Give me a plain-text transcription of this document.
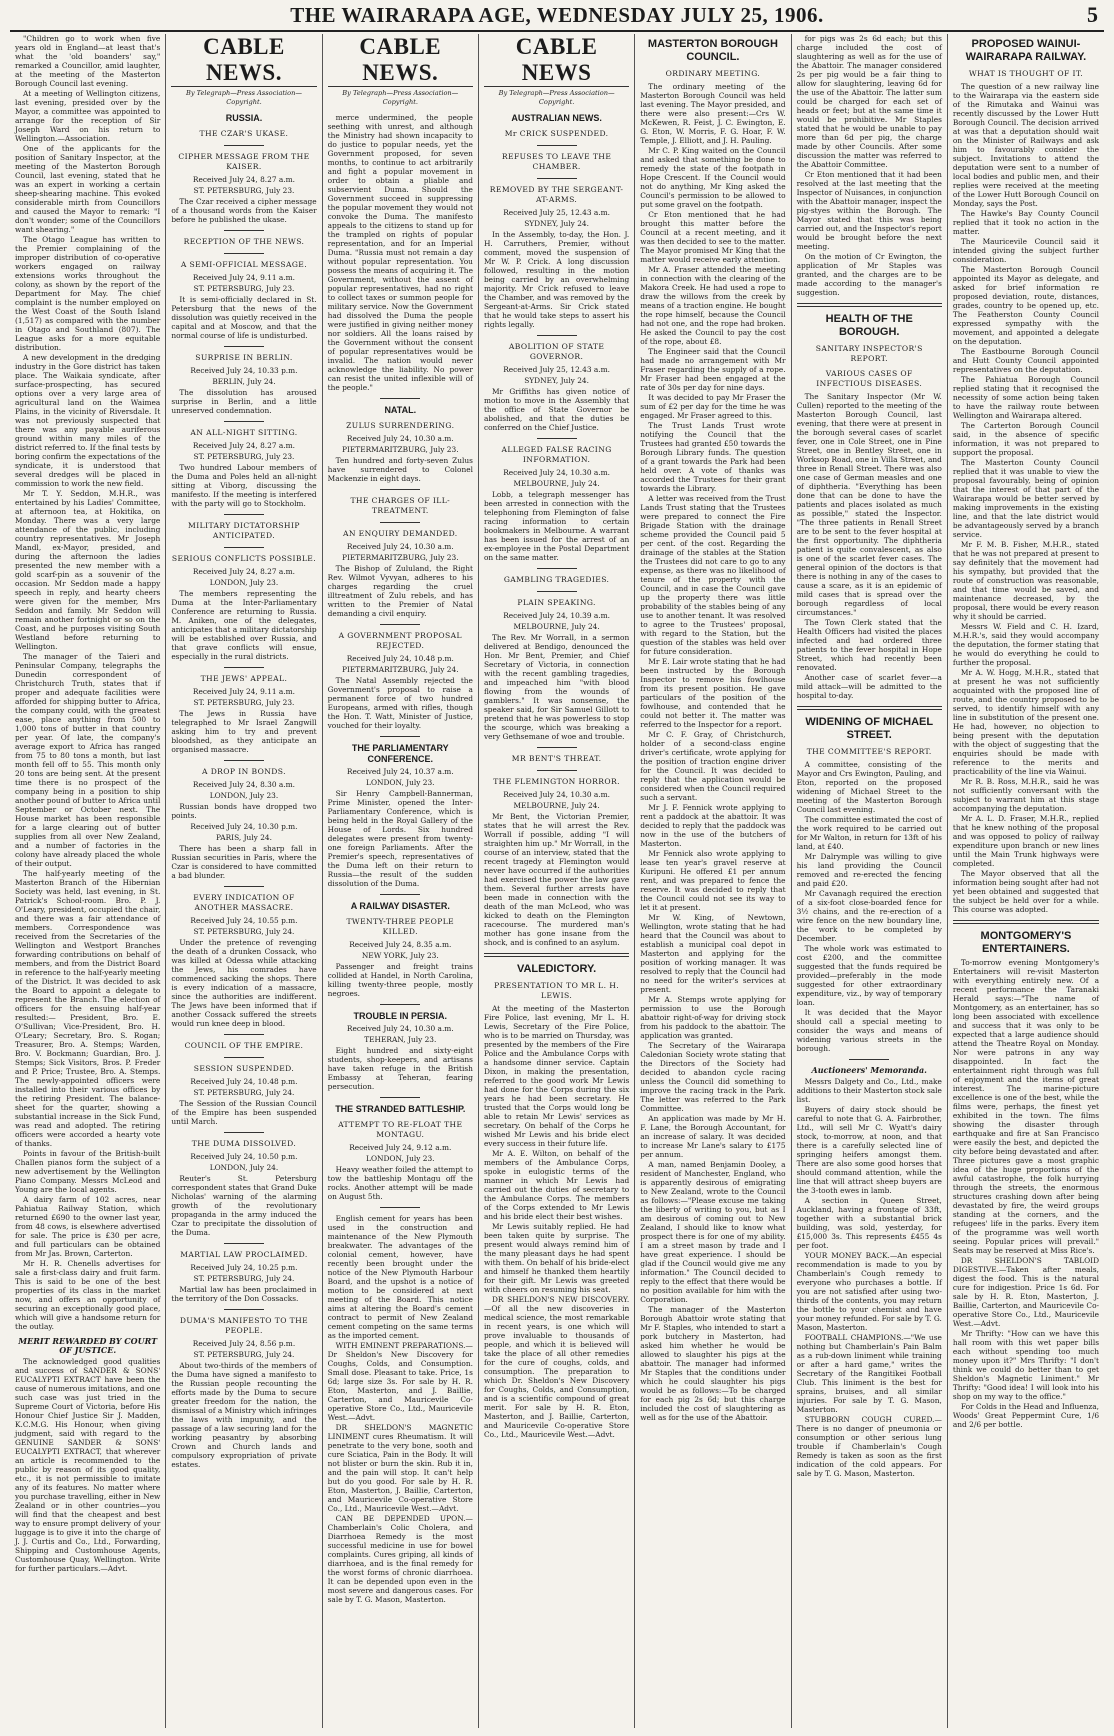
THE WAIRARAPA AGE, WEDNESDAY JULY 25, 1906.	5

"Children go to work when five years old in England—at least that's what the 'old boanders' say," remarked a Councillor, amid laughter, at the meeting of the Masterton Borough Council last evening.

At a meeting of Wellington citizens, last evening, presided over by the Mayor, a committee was appointed to arrange for the reception of Sir Joseph Ward on his return to Wellington.—Association.

One of the applicants for the position of Sanitary Inspector, at the meeting of the Masterton Borough Council, last evening, stated that he was an expert in working a certain sheep-shearing machine. This evoked considerable mirth from Councillors and caused the Mayor to remark: "I don't wonder; some of the Councillors want shearing."

The Otago League has written to the Premier complaining of the improper distribution of co-operative workers engaged on railway extensions works throughout the colony, as shown by the report of the Department for May. The chief complaint is the number employed on the West Coast of the South Island (1,517) as compared with the number in Otago and Southland (807). The League asks for a more equitable distribution.

A new development in the dredging industry in the Gore district has taken place. The Waikaia syndicate, after surface-prospecting, has secured options over a very large area of agricultural land on the Waimea Plains, in the vicinity of Riversdale. It was not previously suspected that there was any payable auriferous ground within many miles of the district referred to. If the final tests by boring confirm the expectations of the syndicate, it is understood that several dredges will be placed in commission to work the new field.

Mr T. Y. Seddon, M.H.R., was entertained by his Ladies' Committee, at afternoon tea, at Hokitika, on Monday. There was a very large attendance of the public, including country representatives. Mr Joseph Mandl, ex-Mayor, presided, and during the afternoon the ladies presented the new member with a gold scarf-pin as a souvenir of the occasion. Mr Seddon made a happy speech in reply, and hearty cheers were given for the member, Mrs Seddon and family. Mr Seddon will remain another fortnight or so on the Coast, and he purposes visiting South Westland before returning to Wellington.

The manager of the Taieri and Peninsular Company, telegraphs the Dunedin correspondent of Christchurch Truth, states that if proper and adequate facilities were afforded for shipping butter to Africa, the company could, with the greatest ease, place anything from 500 to 1,000 tons of butter in that country per year. Of late, the company's average export to Africa has ranged from 75 to 80 tons a month, but last month fell off to 55. This month only 20 tons are being sent. At the present time there is no prospect of the company being in a position to ship another pound of butter to Africa until September or October next. The House market has been responsible for a large clearing out of butter supplies from all over New Zealand, and a number of factories in the colony have already placed the whole of their output.

The half-yearly meeting of the Masterton Branch of the Hibernian Society was held, last evening, in St. Patrick's School-room. Bro. P. J. O'Leary, president, occupied the chair, and there was a fair attendance of members. Correspondence was received from the Secretaries of the Wellington and Westport Branches forwarding contributions on behalf of members, and from the District Board in reference to the half-yearly meeting of the District. It was decided to ask the Board to appoint a delegate to represent the Branch. The election of officers for the ensuing half-year resulted:— President, Bro. E. O'Sullivan; Vice-President, Bro. H. O'Leary; Secretary, Bro. S. Rogan; Treasurer, Bro. A. Stemps; Warden, Bro. V. Bockmann; Guardian, Bro. J. Stemps; Sick Visitors, Bros. P. Freder and P. Price; Trustee, Bro. A. Stemps. The newly-appointed officers were installed into their various offices by the retiring President. The balance-sheet for the quarter, showing a substantial increase in the Sick Fund, was read and adopted. The retiring officers were accorded a hearty vote of thanks.

Points in favour of the British-built Challen pianos form the subject of a new advertisement by the Wellington Piano Company. Messrs McLeod and Young are the local agents.

A dairy farm of 102 acres, near Pahiatua Railway Station, which returned £690 to the owner last year, from 48 cows, is elsewhere advertised for sale. The price is £30 per acre, and full particulars can be obtained from Mr Jas. Brown, Carterton.

Mr H. R. Chenells advertises for sale a first-class dairy and fruit farm. This is said to be one of the best properties of its class in the market now, and offers an opportunity of securing an exceptionally good place, which will give a handsome return for the outlay.

MERIT REWARDED BY COURT OF JUSTICE.

The acknowledged good qualities and success of SANDER & SONS' EUCALYPTI EXTRACT have been the cause of numerous imitations, and one such case was just tried in the Supreme Court of Victoria, before His Honour Chief Justice Sir J. Madden, K.C.M.G. His Honour, when giving judgment, said with regard to the GENUINE SANDER & SONS' EUCALYPTI EXTRACT, that wherever an article is recommended to the public by reason of its good quality, etc., it is not permissible to imitate any of its features. No matter where you purchase travelling, either in New Zealand or in other countries—you will find that the cheapest and best way to ensure prompt delivery of your luggage is to give it into the charge of J. J. Curtis and Co., Ltd., Forwarding, Shipping and Customhouse Agents, Customhouse Quay, Wellington. Write for further particulars.—Advt.

CABLE NEWS.
By Telegraph—Press Association—Copyright.
RUSSIA.
THE CZAR'S UKASE.
CIPHER MESSAGE FROM THE KAISER.
Received July 24, 8.27 a.m.
ST. PETERSBURG, July 23.

The Czar received a cipher message of a thousand words from the Kaiser before he published the ukase.

RECEPTION OF THE NEWS.
A SEMI-OFFICIAL MESSAGE.
Received July 24, 9.11 a.m.
ST. PETERSBURG, July 23.

It is semi-officially declared in St. Petersburg that the news of the dissolution was quietly received in the capital and at Moscow, and that the normal course of life is undisturbed.

SURPRISE IN BERLIN.
Received July 24, 10.33 p.m.
BERLIN, July 24.

The dissolution has aroused surprise in Berlin, and a little unreserved condemnation.

AN ALL-NIGHT SITTING.
Received July 24, 8.27 a.m.
ST. PETERSBURG, July 23.

Two hundred Labour members of the Duma and Poles held an all-night sitting at Viborg, discussing the manifesto. If the meeting is interfered with the party will go to Stockholm.

MILITARY DICTATORSHIP ANTICIPATED.
SERIOUS CONFLICTS POSSIBLE.
Received July 24, 8.27 a.m.
LONDON, July 23.

The members representing the Duma at the Inter-Parliamentary Conference are returning to Russia. M. Aniken, one of the delegates, anticipates that a military dictatorship will be established over Russia, and that grave conflicts will ensue, especially in the rural districts.

THE JEWS' APPEAL.
Received July 24, 9.11 a.m.
ST. PETERSBURG, July 23.

The Jews in Russia have telegraphed to Mr Israel Zangwill asking him to try and prevent bloodshed, as they anticipate an organised massacre.

A DROP IN BONDS.
Received July 24, 8.30 a.m.
LONDON, July 23.

Russian bonds have dropped two points.

Received July 24, 10.30 p.m.
PARIS, July 24.

There has been a sharp fall in Russian securities in Paris, where the Czar is considered to have committed a bad blunder.

EVERY INDICATION OF ANOTHER MASSACRE.
Received July 24, 10.55 p.m.
ST. PETERSBURG, July 24.

Under the pretence of revenging the death of a drunken Cossack, who was killed at Odessa while attacking the Jews, his comrades have commenced sacking the shops. There is every indication of a massacre, since the authorities are indifferent. The Jews have been informed that if another Cossack suffered the streets would run knee deep in blood.

COUNCIL OF THE EMPIRE.
SESSION SUSPENDED.
Received July 24, 10.48 p.m.
ST. PETERSBURG, July 24.

The Session of the Russian Council of the Empire has been suspended until March.

THE DUMA DISSOLVED.
Received July 24, 10.50 p.m.
LONDON, July 24.

Reuter's St. Petersburg correspondent states that Grand Duke Nicholas' warning of the alarming growth of the revolutionary propaganda in the army induced the Czar to precipitate the dissolution of the Duma.

MARTIAL LAW PROCLAIMED.
Received July 24, 10.25 p.m.
ST. PETERSBURG, July 24.

Martial law has been proclaimed in the territory of the Don Cossacks.

DUMA'S MANIFESTO TO THE PEOPLE.
Received July 24, 8.56 p.m.
ST. PETERSBURG, July 24.

About two-thirds of the members of the Duma have signed a manifesto to the Russian people recounting the efforts made by the Duma to secure greater freedom for the nation, the dismissal of a Ministry which infringes the laws with impunity, and the passage of a law securing land for the working peasantry by absorbing Crown and Church lands and compulsory expropriation of private estates.

CABLE NEWS.
By Telegraph—Press Association—Copyright.

merce undermined, the people seething with unrest, and although the Ministry had shown incapacity to do justice to popular needs, yet the Government proposed, for seven months, to continue to act arbitrarily and fight a popular movement in order to obtain a pliable and subservient Duma. Should the Government succeed in suppressing the popular movement they would not convoke the Duma. The manifesto appeals to the citizens to stand up for the trampled on rights of popular representation, and for an Imperial Duma. "Russia must not remain a day without popular representation. You possess the means of acquiring it. The Government, without the assent of popular representatives, had no right to collect taxes or summon people for military service. Now the Government had dissolved the Duma the people were justified in giving neither money nor soldiers. All the loans raised by the Government without the consent of popular representatives would be invalid. The nation would never acknowledge the liability. No power can resist the united inflexible will of the people."

NATAL.
ZULUS SURRENDERING.
Received July 24, 10.30 a.m.
PIETERMARITZBURG, July 23.

Ten hundred and forty-seven Zulus have surrendered to Colonel Mackenzie in eight days.

THE CHARGES OF ILL-TREATMENT.
AN ENQUIRY DEMANDED.
Received July 24, 10.30 a.m.
PIETERMARITZBURG, July 23.

The Bishop of Zululand, the Right Rev. Wilmot Vyvyan, adheres to his charges regarding the cruel illtreatment of Zulu rebels, and has written to the Premier of Natal demanding a civil enquiry.

A GOVERNMENT PROPOSAL REJECTED.
Received July 24, 10.48 p.m.
PIETERMARITZBURG, July 24.

The Natal Assembly rejected the Government's proposal to raise a permanent force of two hundred Europeans, armed with rifles, though the Hon. T. Watt, Minister of Justice, vouched for their loyalty.

THE PARLIAMENTARY CONFERENCE.
Received July 24, 10.37 a.m.
LONDON, July 23.

Sir Henry Campbell-Bannerman, Prime Minister, opened the Inter-Parliamentary Conference, which is being held in the Royal Gallery of the House of Lords. Six hundred delegates were present from twenty-one foreign Parliaments. After the Premier's speech, representatives of the Duma left on their return to Russia—the result of the sudden dissolution of the Duma.

A RAILWAY DISASTER.
TWENTY-THREE PEOPLE KILLED.
Received July 24, 8.35 a.m.
NEW YORK, July 23.

Passenger and freight trains collided at Handel, in North Carolina, killing twenty-three people, mostly negroes.

TROUBLE IN PERSIA.
Received July 24, 10.30 a.m.
TEHERAN, July 23.

Eight hundred and sixty-eight students, shop-keepers, and artisans have taken refuge in the British Embassy at Teheran, fearing persecution.

THE STRANDED BATTLESHIP.
ATTEMPT TO RE-FLOAT THE MONTAGU.
Received July 24, 9.12 a.m.
LONDON, July 23.

Heavy weather foiled the attempt to tow the battleship Montagu off the rocks. Another attempt will be made on August 5th.

English cement for years has been used in the construction and maintenance of the New Plymouth breakwater. The advantages of the colonial cement, however, have recently been brought under the notice of the New Plymouth Harbour Board, and the upshot is a notice of motion to be considered at next meeting of the Board. This notice aims at altering the Board's cement contract to permit of New Zealand cement competing on the same terms as the imported cement.

WITH EMINENT PREPARATIONS.—Dr Sheldon's New Discovery for Coughs, Colds, and Consumption. Small dose. Pleasant to take. Price, 1s 6d; large size 3s. For sale by H. R. Eton, Masterton, and J. Baillie, Carterton, and Mauricevile Co-operative Store Co., Ltd., Mauricevile West.—Advt.

DR SHELDON'S MAGNETIC LINIMENT cures Rheumatism. It will penetrate to the very bone, sooth and cure Sciatica, Pain in the Body. It will not blister or burn the skin. Rub it in, and the pain will stop. It can't help but do you good. For sale by H. R. Eton, Masterton, J. Baillie, Carterton, and Mauricevile Co-operative Store Co., Ltd., Mauricevile West.—Advt.

CAN BE DEPENDED UPON.—Chamberlain's Colic Cholera, and Diarrhoea Remedy is the most successful medicine in use for bowel complaints. Cures griping, all kinds of diarrhoea, and is the final remedy for the worst forms of chronic diarrhoea. It can be depended upon even in the most severe and dangerous cases. For sale by T. G. Mason, Masterton.

CABLE NEWS
By Telegraph—Press Association—Copyright.
AUSTRALIAN NEWS.
Mr CRICK SUSPENDED.
REFUSES TO LEAVE THE CHAMBER.
REMOVED BY THE SERGEANT-AT-ARMS.
Received July 25, 12.43 a.m.
SYDNEY, July 24.

In the Assembly, to-day, the Hon. J. H. Carruthers, Premier, without comment, moved the suspension of Mr W. P. Crick. A long discussion followed, resulting in the motion being carried by an overwhelming majority. Mr Crick refused to leave the Chamber, and was removed by the Sergeant-at-Arms. Sir Crick stated that he would take steps to assert his rights legally.

ABOLITION OF STATE GOVERNOR.
Received July 25, 12.43 a.m.
SYDNEY, July 24.

Mr Griffiths has given notice of motion to move in the Assembly that the office of State Governor be abolished, and that the duties be conferred on the Chief Justice.

ALLEGED FALSE RACING INFORMATION.
Received July 24, 10.30 a.m.
MELBOURNE, July 24.

Lobb, a telegraph messenger has been arrested in connection with the telephoning from Flemington of false racing information to certain bookmakers in Melbourne. A warrant has been issued for the arrest of an ex-employee in the Postal Department on the same matter.

GAMBLING TRAGEDIES.
PLAIN SPEAKING.
Received July 24, 10.39 a.m.
MELBOURNE, July 24.

The Rev. Mr Worrall, in a sermon delivered at Bendigo, denounced the Hon. Mr Bent, Premier, and Chief Secretary of Victoria, in connection with the recent gambling tragedies, and impeached him "with blood flowing from the wounds of gamblers." It was nonsense, the speaker said, for Sir Samuel Gillott to pretend that he was powerless to stop the scourge, which was breaking a very Gethsemane of woe and trouble.

MR BENT'S THREAT.
THE FLEMINGTON HORROR.
Received July 24, 10.30 a.m.
MELBOURNE, July 24.

Mr Bent, the Victorian Premier, states that he will arrest the Rev. Worrall if possible, adding "I will straighten him up." Mr Worrall, in the course of an interview, stated that the recent tragedy at Flemington would never have occurred if the authorities had exercised the power the law gave them. Several further arrests have been made in connection with the death of the man McLeod, who was kicked to death on the Flemington racecourse. The murdered man's mother has gone insane from the shock, and is confined to an asylum.

VALEDICTORY.
PRESENTATION TO MR L. H. LEWIS.

At the meeting of the Masterton Fire Police, last evening, Mr L. H. Lewis, Secretary of the Fire Police, who is to be married on Thursday, was presented by the members of the Fire Police and the Ambulance Corps with a handsome dinner service. Captain Dixon, in making the presentation, referred to the good work Mr Lewis had done for the Corps during the six years he had been secretary. He trusted that the Corps would long be able to retain Mr Lewis' services as secretary. On behalf of the Corps he wished Mr Lewis and his bride elect every success in their future life.

Mr A. E. Wilton, on behalf of the members of the Ambulance Corps, spoke in eulogistic terms of the manner in which Mr Lewis had carried out the duties of secretary to the Ambulance Corps. The members of the Corps extended to Mr Lewis and his bride elect their best wishes.

Mr Lewis suitably replied. He had been taken quite by surprise. The present would always remind him of the many pleasant days he had spent with them. On behalf of his bride-elect and himself he thanked them heartily for their gift. Mr Lewis was greeted with cheers on resuming his seat.

DR SHELDON'S NEW DISCOVERY.—Of all the new discoveries in medical science, the most remarkable in recent years, is one which will prove invaluable to thousands of people, and which it is believed will take the place of all other remedies for the cure of coughs, colds, and consumption. The preparation to which Dr. Sheldon's New Discovery for Coughs, Colds, and Consumption, and is a scientific compound of great merit. For sale by H. R. Eton, Masterton, and J. Baillie, Carterton, and Mauricevile Co-operative Store Co., Ltd., Mauricevile West.—Advt.

MASTERTON BOROUGH COUNCIL.
ORDINARY MEETING.

The ordinary meeting of the Masterton Borough Council was held last evening. The Mayor presided, and there were also present:—Crs W. McKewen, R. Feist, J. C. Ewington, E. G. Eton, W. Morris, F. G. Hoar, F. W. Temple, J. Elliott, and J. H. Pauling.

Mr C. P. King waited on the Council and asked that something be done to remedy the state of the footpath in Hope Crescent. If the Council would not do anything, Mr King asked the Council's permission to be allowed to put some gravel on the footpath.

Cr Eton mentioned that he had brought this matter before the Council at a recent meeting, and it was then decided to see to the matter. The Mayor promised Mr King that the matter would receive early attention.

Mr A. Fraser attended the meeting in connection with the clearing of the Makora Creek. He had used a rope to draw the willows from the creek by means of a traction engine. He bought the rope himself, because the Council had not one, and the rope had broken. He asked the Council to pay the cost of the rope, about £8.

The Engineer said that the Council had made no arrangement with Mr Fraser regarding the supply of a rope. Mr Fraser had been engaged at the rate of 30s per day for nine days.

It was decided to pay Mr Fraser the sum of £2 per day for the time he was engaged. Mr Fraser agreed to this.

The Trust Lands Trust wrote notifying the Council that the Trustees had granted £50 towards the Borough Library funds. The question of a grant towards the Park had been held over. A vote of thanks was accorded the Trustees for their grant towards the Library.

A letter was received from the Trust Lands Trust stating that the Trustees were prepared to connect the Fire Brigade Station with the drainage scheme provided the Council paid 5 per cent. of the cost. Regarding the drainage of the stables at the Station the Trustees did not care to go to any expense, as there was no likelihood of tenure of the property with the Council, and in case the Council gave up the property there was little probability of the stables being of any use to another tenant. It was resolved to agree to the Trustees' proposal, with regard to the Station, but the question of the stables was held over for future consideration.

Mr E. Lair wrote stating that he had been instructed by the Borough Inspector to remove his fowlhouse from its present position. He gave particulars of the position of the fowlhouse, and contended that he could not better it. The matter was referred to the Inspector for a report.

Mr C. F. Gray, of Christchurch, holder of a second-class engine driver's certificate, wrote applying for the position of traction engine driver for the Council. It was decided to reply that the application would be considered when the Council required such a servant.

Mr J. F. Fennick wrote applying to rent a paddock at the abattoir. It was decided to reply that the paddock was now in the use of the butchers of Masterton.

Mr Fennick also wrote applying to lease ten year's gravel reserve at Kuripuni. He offered £1 per annum rent, and was prepared to fence the reserve. It was decided to reply that the Council could not see its way to let it at present.

Mr W. King, of Newtown, Wellington, wrote stating that he had heard that the Council was about to establish a municipal coal depot in Masterton and applying for the position of working manager. It was resolved to reply that the Council had no need for the writer's services at present.

Mr A. Stemps wrote applying for permission to use the Borough abattoir right-of-way for driving stock from his paddock to the abattoir. The application was granted.

The Secretary of the Wairarapa Caledonian Society wrote stating that the Directors of the Society had decided to abandon cycle racing unless the Council did something to improve the racing track in the Park. The letter was referred to the Park Committee.

An application was made by Mr H. F. Lane, the Borough Accountant, for an increase of salary. It was decided to increase Mr Lane's salary to £175 per annum.

A man, named Benjamin Dooley, a resident of Manchester, England, who is apparently desirous of emigrating to New Zealand, wrote to the Council as follows:—"Please excuse me taking the liberty of writing to you, but as I am desirous of coming out to New Zealand, I should like to know what prospect there is for one of my ability. I am a street mason by trade and I have great experience. I should be glad if the Council would give me any information." The Council decided to reply to the effect that there would be no position available for him with the Corporation.

The manager of the Masterton Borough Abattoir wrote stating that Mr F. Staples, who intended to start a pork butchery in Masterton, had asked him whether he would be allowed to slaughter his pigs at the abattoir. The manager had informed Mr Staples that the conditions under which he could slaughter his pigs would be as follows:—To be charged for each pig 2s 6d; but this charge included the cost of slaughtering as well as for the use of the Abattoir.

for pigs was 2s 6d each; but this charge included the cost of slaughtering as well as for the use of the Abattoir. The manager considered 2s per pig would be a fair thing to allow for slaughtering, leaving 6d for the use of the Abattoir. The latter sum could be charged for each set of heads or feet; but at the same time it would be prohibitive. Mr Staples stated that he would be unable to pay more than 6d per pig, the charge made by other Councils. After some discussion the matter was referred to the Abattoir Committee.

Cr Eton mentioned that it had been resolved at the last meeting that the Inspector of Nuisances, in conjunction with the Abattoir manager, inspect the pig-styes within the Borough. The Mayor stated that this was being carried out, and the Inspector's report would be brought before the next meeting.

On the motion of Cr Ewington, the application of Mr Staples was granted, and the charges are to be made according to the manager's suggestion.

HEALTH OF THE BOROUGH.
SANITARY INSPECTOR'S REPORT.
VARIOUS CASES OF INFECTIOUS DISEASES.

The Sanitary Inspector (Mr W. Cullen) reported to the meeting of the Masterton Borough Council, last evening, that there were at present in the borough several cases of scarlet fever, one in Cole Street, one in Pine Street, one in Bentley Street, one in Worksop Road, one in Villa Street, and three in Renall Street. There was also one case of German measles and one of diphtheria. "Everything has been done that can be done to have the patients and places isolated as much as possible," stated the Inspector. "The three patients in Renall Street are to be sent to the fever hospital at the first opportunity. The diphtheria patient is quite convalescent, as also is one of the scarlet fever cases. The general opinion of the doctors is that there is nothing in any of the cases to cause a scare, as it is an epidemic of mild cases that is spread over the borough regardless of local circumstances."

The Town Clerk stated that the Health Officers had visited the places infected and had ordered three patients to the fever hospital in Hope Street, which had recently been renovated.

Another case of scarlet fever—a mild attack—will be admitted to the hospital to-day.

WIDENING OF MICHAEL STREET.
THE COMMITTEE'S REPORT.

A committee, consisting of the Mayor and Crs Ewington, Pauling, and Eton, reported on the proposed widening of Michael Street to the meeting of the Masterton Borough Council last evening.

The committee estimated the cost of the work required to be carried out for Mr Walton, in return for 13ft of his land, at £40.

Mr Dalrymple was willing to give his land providing the Council removed and re-erected the fencing and paid £20.

Mr Cavanagh required the erection of a six-foot close-boarded fence for 3½ chains, and the re-erection of a wire fence on the new boundary line, the work to be completed by December.

The whole work was estimated to cost £200, and the committee suggested that the funds required be provided—preferably in the mode suggested for other extraordinary expenditure, viz., by way of temporary loan.

It was decided that the Mayor should call a special meeting to consider the ways and means of widening various streets in the borough.

Auctioneers' Memoranda.

Messrs Dalgety and Co., Ltd., make additions to their Masterton stock sale list.

Buyers of dairy stock should be careful to note that G. A. Fairbrother, Ltd., will sell Mr C. Wyatt's dairy stock, to-morrow, at noon, and that there is a carefully selected line of springing heifers amongst them. There are also some good horses that should command attention, while the line that will attract sheep buyers are the 3-tooth ewes in lamb.

A section in Queen Street, Auckland, having a frontage of 33ft, together with a substantial brick building, was sold, yesterday, for £15,000 3s. This represents £455 4s per foot.

YOUR MONEY BACK.—An especial recommendation is made to you by Chamberlain's Cough remedy to everyone who purchases a bottle. If you are not satisfied after using two-thirds of the contents, you may return the bottle to your chemist and have your money refunded. For sale by T. G. Mason, Masterton.

FOOTBALL CHAMPIONS.—"We use nothing but Chamberlain's Pain Balm as a rub-down liniment while training or after a hard game," writes the Secretary of the Rangitikei Football Club. This liniment is the best for sprains, bruises, and all similar injuries. For sale by T. G. Mason, Masterton.

STUBBORN COUGH CURED.—There is no danger of pneumonia or consumption or other serious lung trouble if Chamberlain's Cough Remedy is taken as soon as the first indication of the cold appears. For sale by T. G. Mason, Masterton.

PROPOSED WAINUI-WAIRARAPA RAILWAY.
WHAT IS THOUGHT OF IT.

The question of a new railway line to the Wairarapa via the eastern side of the Rimutaka and Wainui was recently discussed by the Lower Hutt Borough Council. The decision arrived at was that a deputation should wait on the Minister of Railways and ask him to favourably consider the subject. Invitations to attend the deputation were sent to a number of local bodies and public men, and their replies were received at the meeting of the Lower Hutt Borough Council on Monday, says the Post.

The Hawke's Bay County Council replied that it took no action in the matter.

The Mauricevile Council said it intended giving the subject further consideration.

The Masterton Borough Council appointed its Mayor as delegate, and asked for brief information re proposed deviation, route, distances, grades, country to be opened up, etc. The Featherston County Council expressed sympathy with the movement, and appointed a delegate on the deputation.

The Eastbourne Borough Council and Hutt County Council appointed representatives on the deputation.

The Pahiatua Borough Council replied stating that it recognised the necessity of some action being taken to have the railway route between Wellington and Wairarapa altered.

The Carterton Borough Council said, in the absence of specific information, it was not prepared to support the proposal.

The Masterton County Council replied that it was unable to view the proposal favourably, being of opinion that the interest of that part of the Wairarapa would be better served by making improvements in the existing line, and that the late district would be advantageously served by a branch service.

Mr F. M. B. Fisher, M.H.R., stated that he was not prepared at present to say definitely that the movement had his sympathy, but provided that the route of construction was reasonable, and that time would be saved, and maintenance decreased, by the proposal, there would be every reason why it should be carried.

Messrs W. Field and C. H. Izard, M.H.R.'s, said they would accompany the deputation, the former stating that he would do everything he could to further the proposal.

Mr A. W. Hogg, M.H.R., stated that at present he was not sufficiently acquainted with the proposed line of route, and the country proposed to be served, to identify himself with any line in substitution of the present one. He had, however, no objection to being present with the deputation with the object of suggesting that the enquiries should be made with reference to the merits and practicability of the line via Wainui.

Mr R. B. Ross, M.H.R., said he was not sufficiently conversant with the subject to warrant him at this stage accompanying the deputation.

Mr A. L. D. Fraser, M.H.R., replied that he knew nothing of the proposal and was opposed to policy of railway expenditure upon branch or new lines until the Main Trunk highways were completed.

The Mayor observed that all the information being sought after had not yet been obtained and suggested that the subject be held over for a while. This course was adopted.

MONTGOMERY'S ENTERTAINERS.

To-morrow evening Montgomery's Entertainers will re-visit Masterton with everything entirely new. Of a recent performance the Taranaki Herald says:—"The name of Montgomery, as an entertainer, has so long been associated with excellence and success that it was only to be expected that a large audience should attend the Theatre Royal on Monday. Nor were patrons in any way disappointed. In fact the entertainment right through was full of enjoyment and the items of great interest. The marine-picture excellence is one of the best, while the films were, perhaps, the finest yet exhibited in the town. The films showing the disaster through earthquake and fire at San Francisco were easily the best, and depicted the city before being devastated and after. Three pictures gave a most graphic idea of the huge proportions of the awful catastrophe, the folk hurrying through the streets, the enormous structures crashing down after being devastated by fire, the weird groups standing at the corners, and the refugees' life in the parks. Every item of the programme was well worth seeing. Popular prices will prevail." Seats may be reserved at Miss Rice's.

DR SHELDON'S TABLOID DIGESTIVE.—Taken after meals, digest the food. This is the natural cure for indigestion. Price 1s 6d. For sale by H. R. Eton, Masterton, J. Baillie, Carterton, and Mauricevile Co-operative Store Co., Ltd., Mauricevile West.—Advt.

Mr Thrifty: "How can we have this hall room with this wet paper bills each without spending too much money upon it?" Mrs Thrifty: "I don't think we could do better than to get Sheldon's Magnetic Liniment." Mr Thrifty: "Good idea! I will look into his shop on my way to the office."

For Colds in the Head and Influenza, Woods' Great Peppermint Cure, 1/6 and 2/6 per bottle.
